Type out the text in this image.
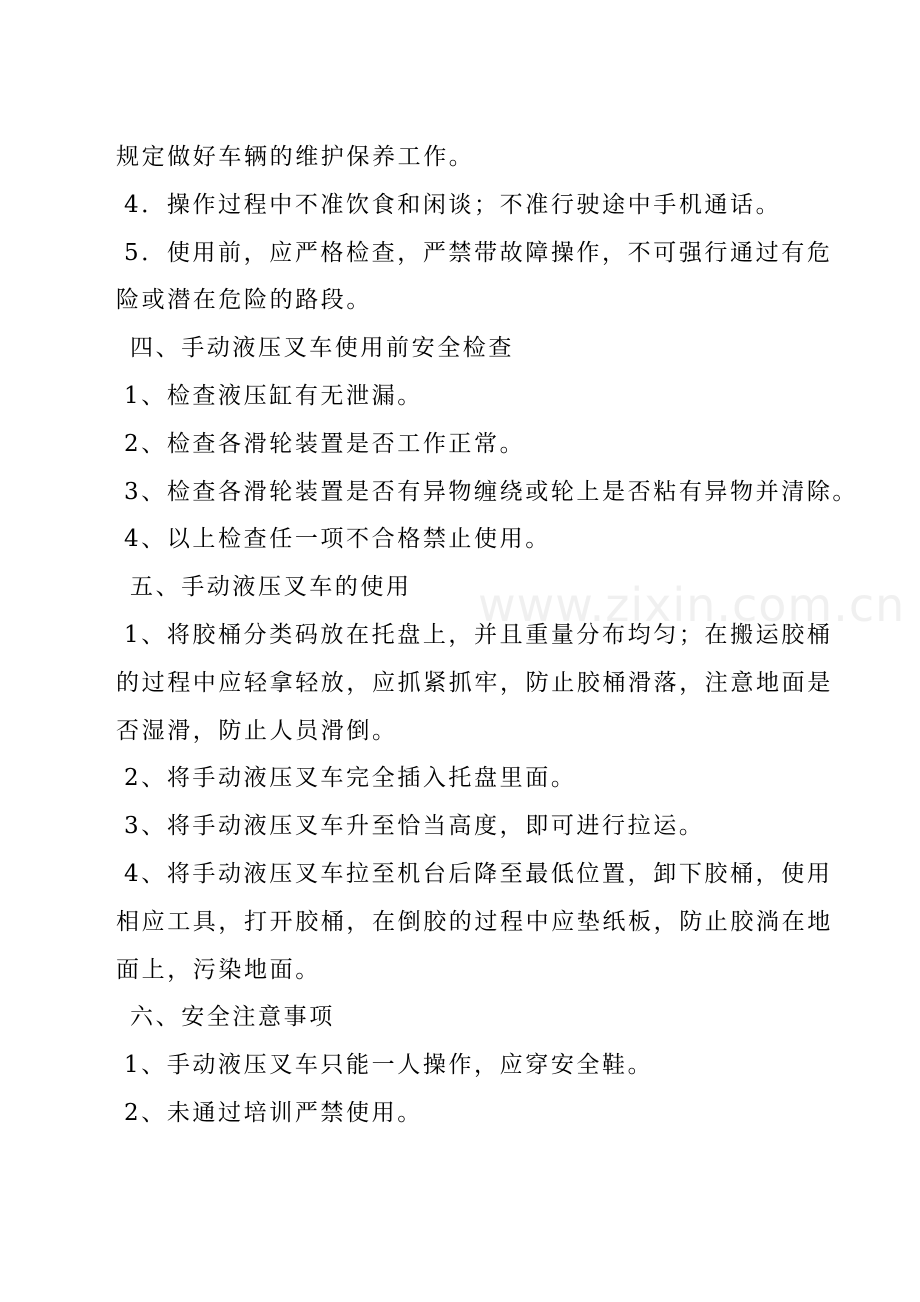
规定做好车辆的维护保养工作。
4．操作过程中不准饮食和闲谈；不准行驶途中手机通话。
5．使用前，应严格检查，严禁带故障操作，不可强行通过有危
险或潜在危险的路段。
四、手动液压叉车使用前安全检查
1、检查液压缸有无泄漏。
2、检查各滑轮装置是否工作正常。
3、检查各滑轮装置是否有异物缠绕或轮上是否粘有异物并清除。
4、以上检查任一项不合格禁止使用。
五、手动液压叉车的使用
1、将胶桶分类码放在托盘上，并且重量分布均匀；在搬运胶桶
的过程中应轻拿轻放，应抓紧抓牢，防止胶桶滑落，注意地面是
否湿滑，防止人员滑倒。
2、将手动液压叉车完全插入托盘里面。
3、将手动液压叉车升至恰当高度，即可进行拉运。
4、将手动液压叉车拉至机台后降至最低位置，卸下胶桶，使用
相应工具，打开胶桶，在倒胶的过程中应垫纸板，防止胶淌在地
面上，污染地面。
六、安全注意事项
1、手动液压叉车只能一人操作，应穿安全鞋。
2、未通过培训严禁使用。
www.zixin.com.cn
